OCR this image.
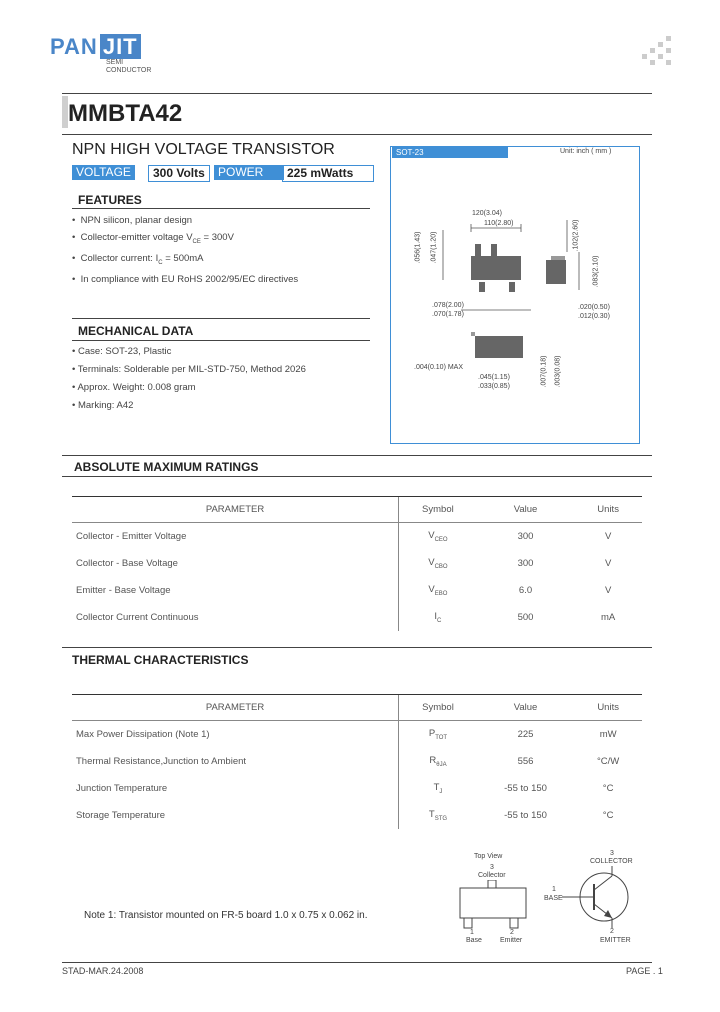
PAN JIT
SEMI
CONDUCTOR
MMBTA42
NPN HIGH VOLTAGE TRANSISTOR
VOLTAGE	300 Volts	POWER	225 mWatts
FEATURES
•  NPN silicon, planar design
•  Collector-emitter voltage $V_{CE} = 300V$
•  Collector current: $I_C = 500mA$
•  In compliance with EU RoHS 2002/95/EC directives
MECHANICAL DATA
• Case: SOT-23, Plastic
• Terminals: Solderable per MIL-STD-750, Method 2026
• Approx. Weight: 0.008 gram
• Marking: A42
SOT-23	Unit: inch ( mm )
120(3.04)
110(2.80)
.056(1.43) .047(1.20)	.102(2.60)
.083(2.10)
.078(2.00)
.070(1.78)
.020(0.50)
.012(0.30)
.004(0.10) MAX
.045(1.15)
.033(0.85)	.007(0.18) .003(0.08)
ABSOLUTE MAXIMUM RATINGS
PARAMETER	Symbol	Value	Units
Collector - Emitter Voltage	$V_{CEO}$	300	V
Collector - Base Voltage	$V_{CBO}$	300	V
Emitter - Base Voltage	$V_{EBO}$	6.0	V
Collector Current Continuous	$I_C$	500	mA
THERMAL CHARACTERISTICS
PARAMETER	Symbol	Value	Units
Max Power Dissipation (Note 1)	$P_{TOT}$	225	mW
Thermal Resistance,Junction to Ambient	$R_{\theta JA}$	556	°C/W
Junction Temperature	$T_J$	-55 to 150	°C
Storage Temperature	$T_{STG}$	-55 to 150	°C
Top View
3
Collector
1
Base
2
Emitter
3
COLLECTOR
1
BASE
2
EMITTER
Note 1: Transistor mounted on FR-5 board 1.0 x 0.75 x 0.062 in.
STAD-MAR.24.2008	PAGE . 1
